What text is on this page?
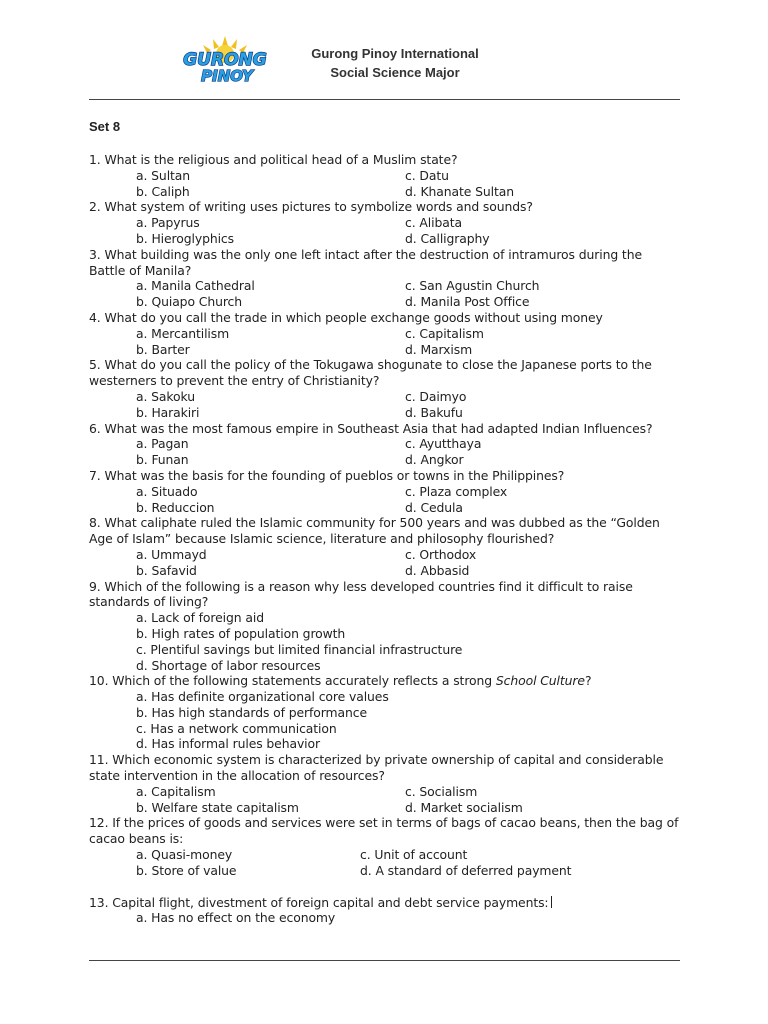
GURONG
PINOY
Gurong Pinoy International
Social Science Major
Set 8
1. What is the religious and political head of a Muslim state?
a. Sultan	c. Datu
b. Caliph	d. Khanate Sultan
2. What system of writing uses pictures to symbolize words and sounds?
a. Papyrus	c. Alibata
b. Hieroglyphics	d. Calligraphy
3. What building was the only one left intact after the destruction of intramuros during the Battle of Manila?
a. Manila Cathedral	c. San Agustin Church
b. Quiapo Church	d. Manila Post Office
4. What do you call the trade in which people exchange goods without using money
a. Mercantilism	c. Capitalism
b. Barter	d. Marxism
5. What do you call the policy of the Tokugawa shogunate to close the Japanese ports to the westerners to prevent the entry of Christianity?
a. Sakoku	c. Daimyo
b. Harakiri	d. Bakufu
6. What was the most famous empire in Southeast Asia that had adapted Indian Influences?
a. Pagan	c. Ayutthaya
b. Funan	d. Angkor
7. What was the basis for the founding of pueblos or towns in the Philippines?
a. Situado	c. Plaza complex
b. Reduccion	d. Cedula
8. What caliphate ruled the Islamic community for 500 years and was dubbed as the “Golden Age of Islam” because Islamic science, literature and philosophy flourished?
a. Ummayd	c. Orthodox
b. Safavid	d. Abbasid
9. Which of the following is a reason why less developed countries find it difficult to raise standards of living?
a. Lack of foreign aid
b. High rates of population growth
c. Plentiful savings but limited financial infrastructure
d. Shortage of labor resources
10. Which of the following statements accurately reflects a strong School Culture?
a. Has definite organizational core values
b. Has high standards of performance
c. Has a network communication
d. Has informal rules behavior
11. Which economic system is characterized by private ownership of capital and considerable state intervention in the allocation of resources?
a. Capitalism	c. Socialism
b. Welfare state capitalism	d. Market socialism
12. If the prices of goods and services were set in terms of bags of cacao beans, then the bag of cacao beans is:
a. Quasi-money	c. Unit of account
b. Store of value	d. A standard of deferred payment
13. Capital flight, divestment of foreign capital and debt service payments:
a. Has no effect on the economy
